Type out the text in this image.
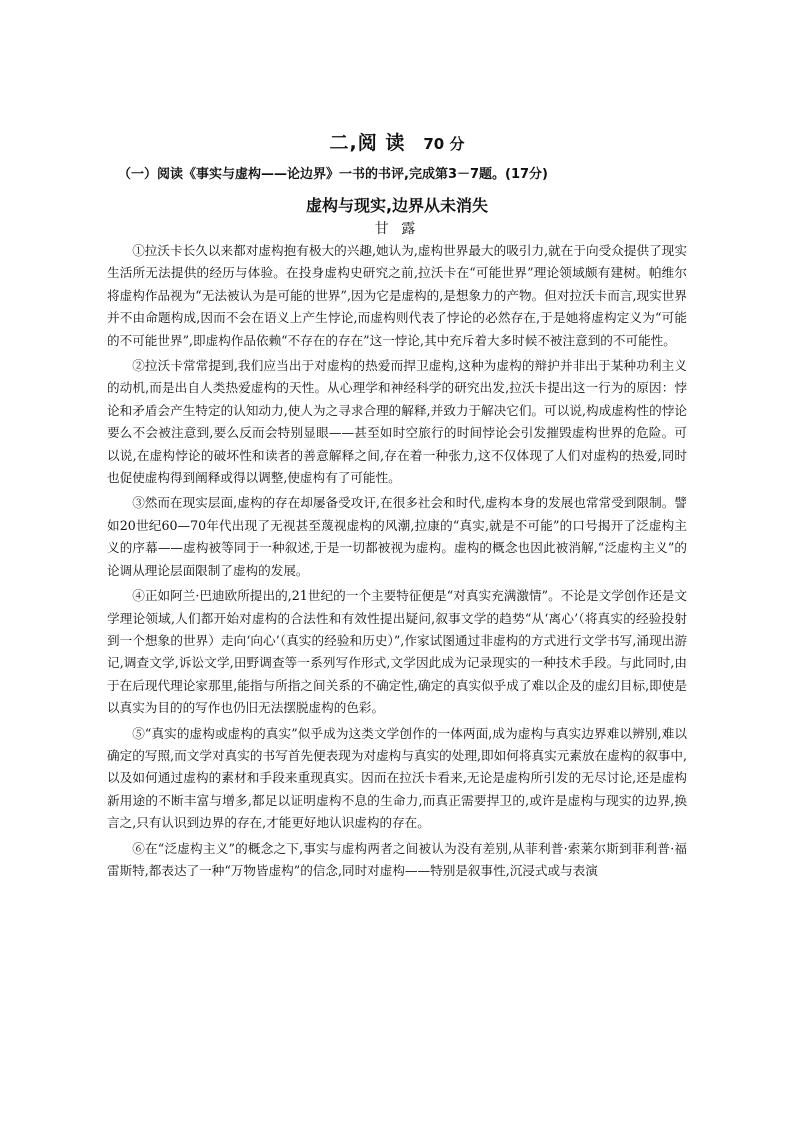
二,阅 读 70 分
（一）阅读《事实与虚构——论边界》一书的书评,完成第3－7题。(17分)
虚构与现实,边界从未消失
甘 露

①拉沃卡长久以来都对虚构抱有极大的兴趣,她认为,虚构世界最大的吸引力,就在于向受众提供了现实生活所无法提供的经历与体验。在投身虚构史研究之前,拉沃卡在“可能世界”理论领域颇有建树。帕维尔将虚构作品视为“无法被认为是可能的世界”,因为它是虚构的,是想象力的产物。但对拉沃卡而言,现实世界并不由命题构成,因而不会在语义上产生悖论,而虚构则代表了悖论的必然存在,于是她将虚构定义为“可能的不可能世界”,即虚构作品依赖“不存在的存在”这一悖论,其中充斥着大多时候不被注意到的不可能性。

②拉沃卡常常提到,我们应当出于对虚构的热爱而捍卫虚构,这种为虚构的辩护并非出于某种功利主义的动机,而是出自人类热爱虚构的天性。从心理学和神经科学的研究出发,拉沃卡提出这一行为的原因：悖论和矛盾会产生特定的认知动力,使人为之寻求合理的解释,并致力于解决它们。可以说,构成虚构性的悖论要么不会被注意到,要么反而会特别显眼——甚至如时空旅行的时间悖论会引发摧毁虚构世界的危险。可以说,在虚构悖论的破坏性和读者的善意解释之间,存在着一种张力,这不仅体现了人们对虚构的热爱,同时也促使虚构得到阐释或得以调整,使虚构有了可能性。

③然而在现实层面,虚构的存在却屡备受攻讦,在很多社会和时代,虚构本身的发展也常常受到限制。譬如20世纪60—70年代出现了无视甚至蔑视虚构的风潮,拉康的“真实,就是不可能”的口号揭开了泛虚构主义的序幕——虚构被等同于一种叙述,于是一切都被视为虚构。虚构的概念也因此被消解,“泛虚构主义”的论调从理论层面限制了虚构的发展。

④正如阿兰·巴迪欧所提出的,21世纪的一个主要特征便是“对真实充满激情”。不论是文学创作还是文学理论领域,人们都开始对虚构的合法性和有效性提出疑问,叙事文学的趋势“从‘离心’（将真实的经验投射到一个想象的世界）走向‘向心’（真实的经验和历史）”,作家试图通过非虚构的方式进行文学书写,涌现出游记,调查文学,诉讼文学,田野调查等一系列写作形式,文学因此成为记录现实的一种技术手段。与此同时,由于在后现代理论家那里,能指与所指之间关系的不确定性,确定的真实似乎成了难以企及的虚幻目标,即使是以真实为目的的写作也仍旧无法摆脱虚构的色彩。

⑤“真实的虚构或虚构的真实”似乎成为这类文学创作的一体两面,成为虚构与真实边界难以辨别,难以确定的写照,而文学对真实的书写首先便表现为对虚构与真实的处理,即如何将真实元素放在虚构的叙事中,以及如何通过虚构的素材和手段来重现真实。因而在拉沃卡看来,无论是虚构所引发的无尽讨论,还是虚构新用途的不断丰富与增多,都足以证明虚构不息的生命力,而真正需要捍卫的,或许是虚构与现实的边界,换言之,只有认识到边界的存在,才能更好地认识虚构的存在。

⑥在“泛虚构主义”的概念之下,事实与虚构两者之间被认为没有差别,从菲利普·索莱尔斯到菲利普·福雷斯特,都表达了一种“万物皆虚构”的信念,同时对虚构——特别是叙事性,沉浸式或与表演
